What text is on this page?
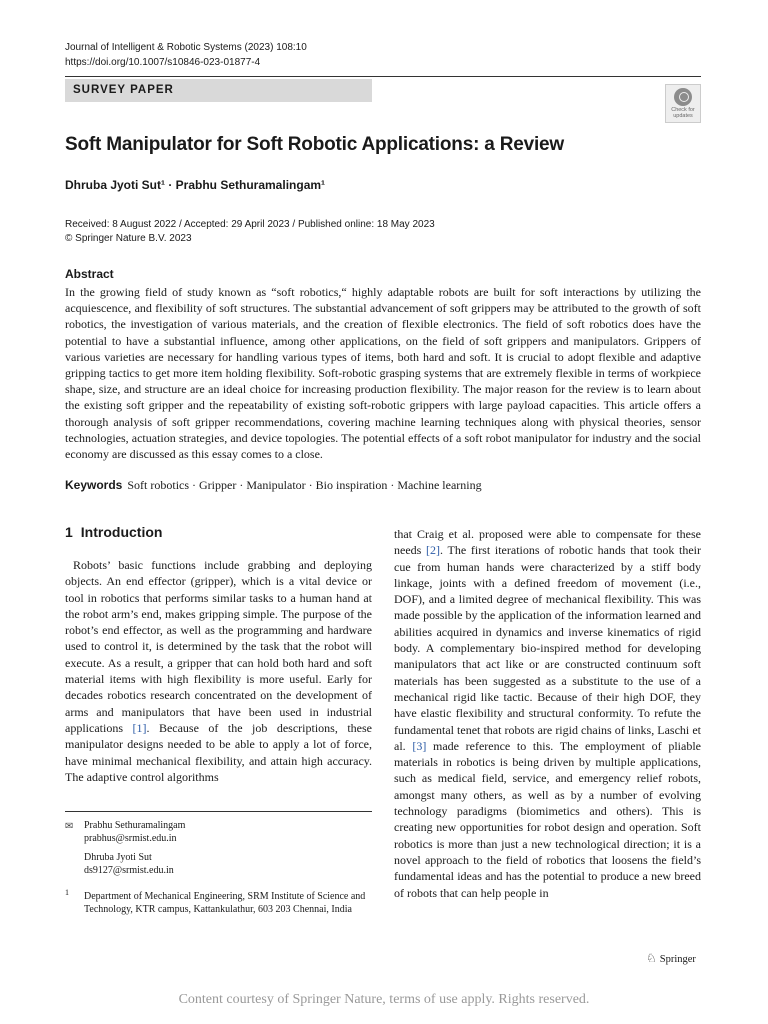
Journal of Intelligent & Robotic Systems (2023) 108:10
https://doi.org/10.1007/s10846-023-01877-4
SURVEY PAPER
Check for
updates
Soft Manipulator for Soft Robotic Applications: a Review
Dhruba Jyoti Sut¹ · Prabhu Sethuramalingam¹
Received: 8 August 2022 / Accepted: 29 April 2023 / Published online: 18 May 2023
© Springer Nature B.V. 2023
Abstract
In the growing field of study known as “soft robotics,“ highly adaptable robots are built for soft interactions by utilizing the acquiescence, and flexibility of soft structures. The substantial advancement of soft grippers may be attributed to the growth of soft robotics, the investigation of various materials, and the creation of flexible electronics. The field of soft robotics does have the potential to have a substantial influence, among other applications, on the field of soft grippers and manipulators. Grippers of various varieties are necessary for handling various types of items, both hard and soft. It is crucial to adopt flexible and adaptive gripping tactics to get more item holding flexibility. Soft-robotic grasping systems that are extremely flexible in terms of workpiece shape, size, and structure are an ideal choice for increasing production flexibility. The major reason for the review is to learn about the existing soft gripper and the repeatability of existing soft-robotic grippers with large payload capacities. This article offers a thorough analysis of soft gripper recommendations, covering machine learning techniques along with physical theories, sensor technologies, actuation strategies, and device topologies. The potential effects of a soft robot manipulator for industry and the social economy are discussed as this essay comes to a close.
Keywords Soft robotics · Gripper · Manipulator · Bio inspiration · Machine learning
1 Introduction
Robots’ basic functions include grabbing and deploying objects. An end effector (gripper), which is a vital device or tool in robotics that performs similar tasks to a human hand at the robot arm’s end, makes gripping simple. The purpose of the robot’s end effector, as well as the programming and hardware used to control it, is determined by the task that the robot will execute. As a result, a gripper that can hold both hard and soft material items with high flexibility is more useful. Early for decades robotics research concentrated on the development of arms and manipulators that have been used in industrial applications [1]. Because of the job descriptions, these manipulator designs needed to be able to apply a lot of force, have minimal mechanical flexibility, and attain high accuracy. The adaptive control algorithms
that Craig et al. proposed were able to compensate for these needs [2]. The first iterations of robotic hands that took their cue from human hands were characterized by a stiff body linkage, joints with a defined freedom of movement (i.e., DOF), and a limited degree of mechanical flexibility. This was made possible by the application of the information learned and abilities acquired in dynamics and inverse kinematics of rigid body. A complementary bio-inspired method for developing manipulators that act like or are constructed continuum soft materials has been suggested as a substitute to the use of a mechanical rigid like tactic. Because of their high DOF, they have elastic flexibility and structural conformity. To refute the fundamental tenet that robots are rigid chains of links, Laschi et al. [3] made reference to this. The employment of pliable materials in robotics is being driven by multiple applications, such as medical field, service, and emergency relief robots, amongst many others, as well as by a number of evolving technology paradigms (biomimetics and others). This is creating new opportunities for robot design and operation. Soft robotics is more than just a new technological direction; it is a novel approach to the field of robotics that loosens the field’s fundamental ideas and has the potential to produce a new breed of robots that can help people in
✉ Prabhu Sethuramalingam
prabhus@srmist.edu.in
Dhruba Jyoti Sut
ds9127@srmist.edu.in
1 Department of Mechanical Engineering, SRM Institute of Science and Technology, KTR campus, Kattankulathur, 603 203 Chennai, India
♘ Springer
Content courtesy of Springer Nature, terms of use apply. Rights reserved.
